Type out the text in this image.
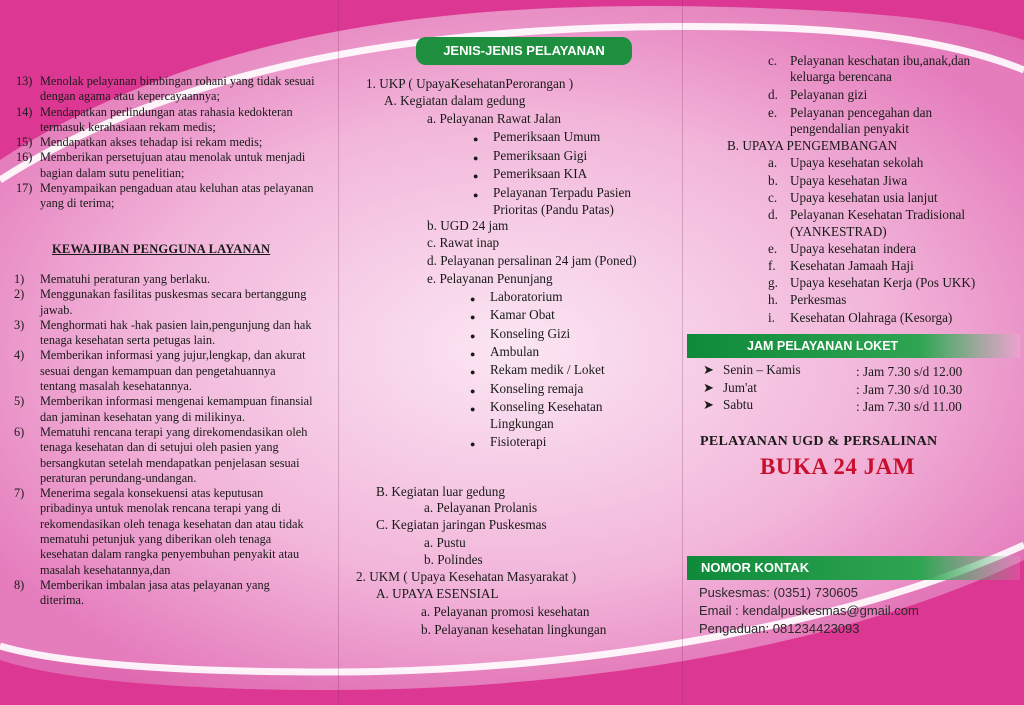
13) Menolak pelayanan bimbingan rohani yang tidak sesuai dengan agama atau kepercayaannya;
14) Mendapatkan perlindungan atas rahasia kedokteran termasuk kerahasiaan rekam medis;
15) Mendapatkan akses tehadap isi rekam medis;
16) Memberikan persetujuan atau menolak untuk menjadi bagian dalam sutu penelitian;
17) Menyampaikan pengaduan atau keluhan atas pelayanan yang di terima;
KEWAJIBAN PENGGUNA LAYANAN
1) Mematuhi peraturan yang berlaku.
2) Menggunakan fasilitas puskesmas secara bertanggung jawab.
3) Menghormati hak -hak pasien lain,pengunjung dan hak tenaga kesehatan serta petugas lain.
4) Memberikan informasi yang jujur,lengkap, dan akurat sesuai dengan kemampuan dan pengetahuannya tentang masalah kesehatannya.
5) Memberikan informasi mengenai kemampuan finansial dan jaminan kesehatan yang di milikinya.
6) Mematuhi rencana terapi yang direkomendasikan oleh tenaga kesehatan dan di setujui oleh pasien yang bersangkutan setelah mendapatkan penjelasan sesuai peraturan perundang-undangan.
7) Menerima segala konsekuensi atas keputusan pribadinya untuk menolak rencana terapi yang di rekomendasikan oleh tenaga kesehatan dan atau tidak mematuhi petunjuk yang diberikan oleh tenaga kesehatan dalam rangka penyembuhan penyakit atau masalah kesehatannya,dan
8) Memberikan imbalan jasa atas pelayanan yang diterima.
JENIS-JENIS PELAYANAN
1. UKP ( UpayaKesehatanPerorangan )
A. Kegiatan dalam gedung
a. Pelayanan Rawat Jalan
● Pemeriksaan Umum
● Pemeriksaan Gigi
● Pemeriksaan KIA
● Pelayanan Terpadu Pasien
Prioritas (Pandu Patas)
b. UGD 24 jam
c. Rawat inap
d. Pelayanan persalinan 24 jam (Poned)
e. Pelayanan Penunjang
● Laboratorium
● Kamar Obat
● Konseling Gizi
● Ambulan
● Rekam medik / Loket
● Konseling remaja
● Konseling Kesehatan
Lingkungan
● Fisioterapi
B. Kegiatan luar gedung
a. Pelayanan Prolanis
C. Kegiatan jaringan Puskesmas
a. Pustu
b. Polindes
2. UKM ( Upaya Kesehatan Masyarakat )
A. UPAYA ESENSIAL
a. Pelayanan promosi kesehatan
b. Pelayanan kesehatan lingkungan
c. Pelayanan keschatan ibu,anak,dan
keluarga berencana
d. Pelayanan gizi
e. Pelayanan pencegahan dan
pengendalian penyakit
B. UPAYA PENGEMBANGAN
a. Upaya kesehatan sekolah
b. Upaya kesehatan Jiwa
c. Upaya kesehatan usia lanjut
d. Pelayanan Kesehatan Tradisional
(YANKESTRAD)
e. Upaya kesehatan indera
f. Kesehatan Jamaah Haji
g. Upaya kesehatan Kerja (Pos UKK)
h. Perkesmas
i. Kesehatan Olahraga (Kesorga)
JAM PELAYANAN LOKET
➤ Senin – Kamis	: Jam 7.30 s/d 12.00
➤ Jum'at	: Jam 7.30 s/d 10.30
➤ Sabtu	: Jam 7.30 s/d 11.00
PELAYANAN UGD & PERSALINAN
BUKA 24 JAM
NOMOR KONTAK
Puskesmas: (0351) 730605
Email : kendalpuskesmas@gmail.com
Pengaduan: 081234423093
